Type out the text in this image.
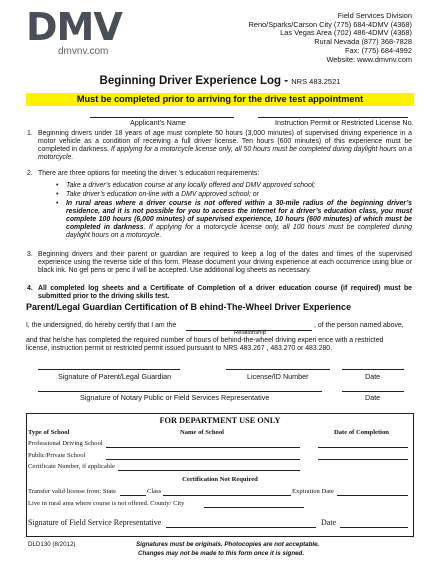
DMV
dmvnv.com
Field Services Division
Reno/Sparks/Carson City (775) 684-4DMV (4368)
Las Vegas Area (702) 486-4DMV (4368)
Rural Nevada (877) 368-7828
Fax: (775) 684-4992
Website: www.dmvnv.com
Beginning Driver Experience Log - NRS 483.2521
Must be completed prior to arriving for the drive test appointment
Applicant’s Name	Instruction Permit or Restricted License No.
1. Beginning drivers under 18 years of age must complete 50 hours (3,000 minutes) of supervised driving experience in a motor vehicle as a condition of receiving a full driver license. Ten hours (600 minutes) of this experience must be completed in darkness. If applying for a motorcycle license only, all 50 hours must be completed during daylight hours on a motorcycle.
2. There are three options for meeting the driver ’s education requirements:
• Take a driver’s education course at any locally offered and DMV approved school;
• Take driver’s education on-line with a DMV approved school; or
• In rural areas where a driver course is not offered within a 30-mile radius of the beginning driver’s residence, and it is not possible for you to access the internet for a driver’s education class, you must complete 100 hours (6,000 minutes) of supervised experience, 10 hours (600 minutes) of which must be completed in darkness. If applying for a motorcycle license only, all 100 hours must be completed during daylight hours on a motorcycle.
3. Beginning drivers and their parent or guardian are required to keep a log of the dates and times of the supervised experience using the reverse side of this form. Please document your driving experience at each occurrence using blue or black ink. No gel pens or penc il will be accepted. Use additional log sheets as necessary.
4. All completed log sheets and a Certificate of Completion of a driver education course (if required) must be submitted prior to the driving skills test.
Parent/Legal Guardian Certification of B ehind-The-Wheel Driver Experience
I, the undersigned, do hereby certify that I am the	, of the person named above,
Relationship
and that he/she has completed the required number of hours of behind-the-wheel driving experi ence with a restricted license, instruction permit or restricted permit issued pursuant to NRS 483.267 , 483.270 or 483.280.
Signature of Parent/Legal Guardian	License/ID Number	Date
Signature of Notary Public or Field Services Representative	Date
FOR DEPARTMENT USE ONLY
Type of School	Name of School	Date of Completion
Professional Driving School
Public/Private School
Certificate Number, if applicable
Certification Not Required
Transfer valid license from: State	Class	Expiration Date
Live in rural area where course is not offered. County/ City
Signature of Field Service Representative	Date
DLD130 (8/2012)	Signatures must be originals. Photocopies are not acceptable.
Changes may not be made to this form once it is signed.
